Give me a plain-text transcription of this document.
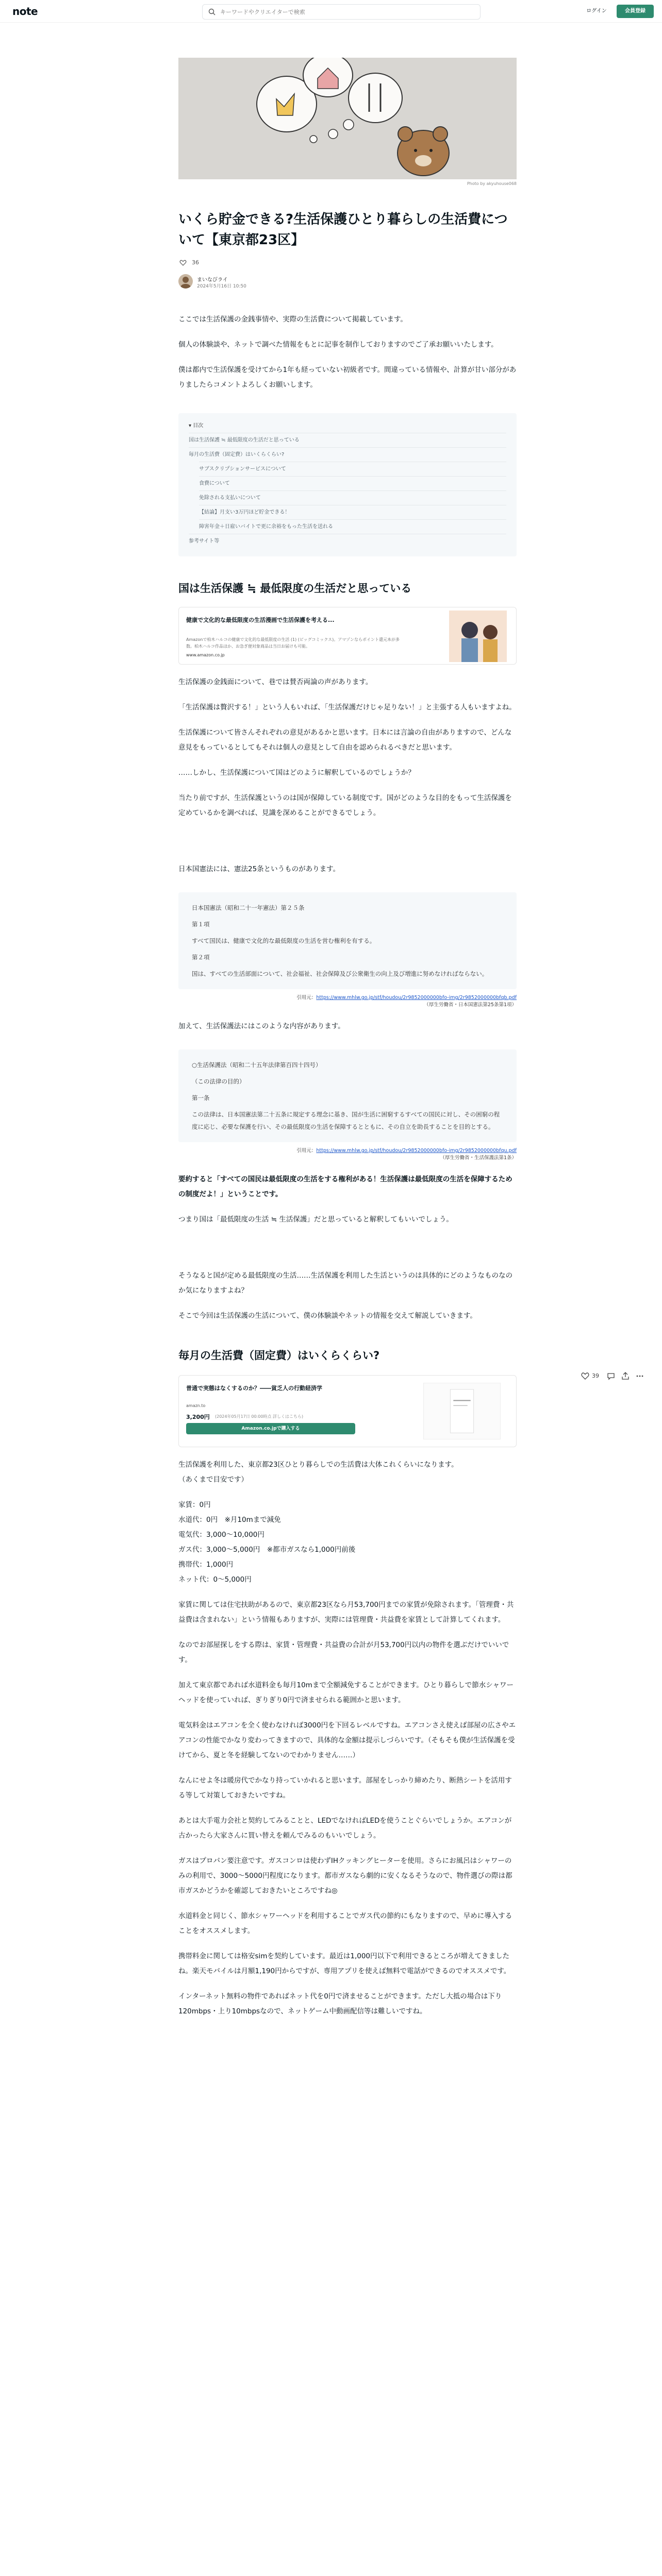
note
キーワードやクリエイターで検索	ログイン	会員登録
Photo by akyuhouse068
いくら貯金できる?生活保護ひとり暮らしの生活費について【東京都23区】
36
まいなびライ
2024年5月16日 10:50

ここでは生活保護の金銭事情や、実際の生活費について掲載しています。

個人の体験談や、ネットで調べた情報をもとに記事を制作しておりますのでご了承お願いいたします。

僕は都内で生活保護を受けてから1年も経っていない初級者です。間違っている情報や、計算が甘い部分がありましたらコメントよろしくお願いします。

▾ 目次
国は生活保護 ≒ 最低限度の生活だと思っている
毎月の生活費（固定費）はいくらくらい?
サブスクリプションサービスについて
食費について
免除される支払いについて
【結論】月支い3万円ほど貯金できる！
障害年金＋日雇いバイトで更に余裕をもった生活を送れる
参考サイト等
国は生活保護 ≒ 最低限度の生活だと思っている
健康で文化的な最低限度の生活漫画で生活保護を考える...
Amazonで柏木ハルコの健康で文化的な最低限度の生活 (1) (ビッグコミックス)。アマゾンならポイント還元本が多数。柏木ハルコ作品ほか、お急ぎ便対象商品は当日お届けも可能。
www.amazon.co.jp

生活保護の金銭面について、巷では賛否両論の声があります。

「生活保護は贅沢する！」という人もいれば、「生活保護だけじゃ足りない！」と主張する人もいますよね。

生活保護について皆さんそれぞれの意見があるかと思います。日本には言論の自由がありますので、どんな意見をもっているとしてもそれは個人の意見として自由を認められるべきだと思います。

……しかし、生活保護について国はどのように解釈しているのでしょうか？

当たり前ですが、生活保護というのは国が保障している制度です。国がどのような目的をもって生活保護を定めているかを調べれば、見識を深めることができるでしょう。

日本国憲法には、憲法25条というものがあります。

日本国憲法（昭和二十一年憲法）第２５条

第１項

すべて国民は、健康で文化的な最低限度の生活を営む権利を有する。

第２項

国は、すべての生活部面について、社会福祉、社会保障及び公衆衛生の向上及び増進に努めなければならない。

引用元：https://www.mhlw.go.jp/stf/houdou/2r9852000000bfo-img/2r9852000000bfqb.pdf
（厚生労働省・日本国憲法第25条第1項）

加えて、生活保護法にはこのような内容があります。

○生活保護法（昭和二十五年法律第百四十四号）

（この法律の目的）

第一条

この法律は、日本国憲法第二十五条に規定する理念に基き、国が生活に困窮するすべての国民に対し、その困窮の程度に応じ、必要な保護を行い、その最低限度の生活を保障するとともに、その自立を助長することを目的とする。

引用元：https://www.mhlw.go.jp/stf/houdou/2r9852000000bfo-img/2r9852000000bfqu.pdf
（厚生労働省・生活保護法第1条）

要約すると「すべての国民は最低限度の生活をする権利がある！生活保護は最低限度の生活を保障するための制度だよ！」ということです。

つまり国は「最低限度の生活 ≒ 生活保護」だと思っていると解釈してもいいでしょう。

そうなると国が定める最低限度の生活……生活保護を利用した生活というのは具体的にどのようなものなのか気になりますよね？

そこで今回は生活保護の生活について、僕の体験談やネットの情報を交えて解説していきます。

毎月の生活費（固定費）はいくらくらい?
普通で実態はなくするのか？――貧乏人の行動経済学
amazn.to
3,200円 (2024年05月17日 00:00時点 詳しくはこちら)
Amazon.co.jpで購入する

生活保護を利用した、東京都23区ひとり暮らしでの生活費は大体これくらいになります。

（あくまで目安です）

家賃：0円

水道代：0円　※月10mまで減免

電気代：3,000～10,000円

ガス代：3,000～5,000円　※都市ガスなら1,000円前後

携帯代：1,000円

ネット代：0～5,000円

家賃に関しては住宅扶助があるので、東京都23区なら月53,700円までの家賃が免除されます。「管理費・共益費は含まれない」という情報もありますが、実際には管理費・共益費を家賃として計算してくれます。

なのでお部屋探しをする際は、家賃・管理費・共益費の合計が月53,700円以内の物件を選ぶだけでいいです。

加えて東京都であれば水道料金も毎月10mまで全額減免することができます。ひとり暮らしで節水シャワーヘッドを使っていれば、ぎりぎり0円で済ませられる範囲かと思います。

電気料金はエアコンを全く使わなければ3000円を下回るレベルですね。エアコンさえ使えば部屋の広さやエアコンの性能でかなり変わってきますので、具体的な金額は提示しづらいです。（そもそも僕が生活保護を受けてから、夏と冬を経験してないのでわかりません……）

なんにせよ冬は暖房代でかなり持っていかれると思います。部屋をしっかり締めたり、断熱シートを活用する等して対策しておきたいですね。

あとは大手電力会社と契約してみることと、LEDでなければLEDを使うことぐらいでしょうか。エアコンが古かったら大家さんに買い替えを頼んでみるのもいいでしょう。

ガスはプロパン要注意です。ガスコンロは使わずIHクッキングヒーターを使用。さらにお風呂はシャワーのみの利用で、3000～5000円程度になります。都市ガスなら劇的に安くなるそうなので、物件選びの際は都市ガスかどうかを確認しておきたいところですね◎

水道料金と同じく、節水シャワーヘッドを利用することでガス代の節約にもなりますので、早めに導入することをオススメします。

携帯料金に関しては格安simを契約しています。最近は1,000円以下で利用できるところが増えてきましたね。楽天モバイルは月額1,190円からですが、専用アプリを使えば無料で電話ができるのでオススメです。

インターネット無料の物件であればネット代を0円で済ませることができます。ただし大抵の場合は下り120mbps・上り10mbpsなので、ネットゲーム中動画配信等は難しいですね。

39
